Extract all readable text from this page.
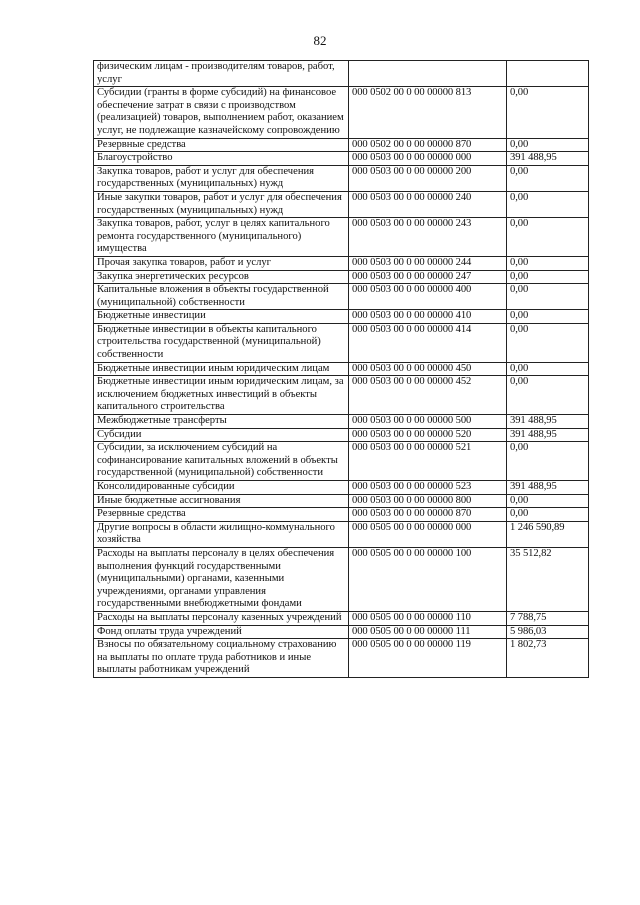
82
физическим лицам - производителям товаров, работ, услуг		
Субсидии (гранты в форме субсидий) на финансовое обеспечение затрат в связи с производством (реализацией) товаров, выполнением работ, оказанием услуг, не подлежащие казначейскому сопровождению	000 0502 00 0 00 00000 813	0,00
Резервные средства	000 0502 00 0 00 00000 870	0,00
Благоустройство	000 0503 00 0 00 00000 000	391 488,95
Закупка товаров, работ и услуг для обеспечения государственных (муниципальных) нужд	000 0503 00 0 00 00000 200	0,00
Иные закупки товаров, работ и услуг для обеспечения государственных (муниципальных) нужд	000 0503 00 0 00 00000 240	0,00
Закупка товаров, работ, услуг в целях капитального ремонта государственного (муниципального) имущества	000 0503 00 0 00 00000 243	0,00
Прочая закупка товаров, работ и услуг	000 0503 00 0 00 00000 244	0,00
Закупка энергетических ресурсов	000 0503 00 0 00 00000 247	0,00
Капитальные вложения в объекты государственной (муниципальной) собственности	000 0503 00 0 00 00000 400	0,00
Бюджетные инвестиции	000 0503 00 0 00 00000 410	0,00
Бюджетные инвестиции в объекты капитального строительства государственной (муниципальной) собственности	000 0503 00 0 00 00000 414	0,00
Бюджетные инвестиции иным юридическим лицам	000 0503 00 0 00 00000 450	0,00
Бюджетные инвестиции иным юридическим лицам, за исключением бюджетных инвестиций в объекты капитального строительства	000 0503 00 0 00 00000 452	0,00
Межбюджетные трансферты	000 0503 00 0 00 00000 500	391 488,95
Субсидии	000 0503 00 0 00 00000 520	391 488,95
Субсидии, за исключением субсидий на софинансирование капитальных вложений в объекты государственной (муниципальной) собственности	000 0503 00 0 00 00000 521	0,00
Консолидированные субсидии	000 0503 00 0 00 00000 523	391 488,95
Иные бюджетные ассигнования	000 0503 00 0 00 00000 800	0,00
Резервные средства	000 0503 00 0 00 00000 870	0,00
Другие вопросы в области жилищно-коммунального хозяйства	000 0505 00 0 00 00000 000	1 246 590,89
Расходы на выплаты персоналу в целях обеспечения выполнения функций государственными (муниципальными) органами, казенными учреждениями, органами управления государственными внебюджетными фондами	000 0505 00 0 00 00000 100	35 512,82
Расходы на выплаты персоналу казенных учреждений	000 0505 00 0 00 00000 110	7 788,75
Фонд оплаты труда учреждений	000 0505 00 0 00 00000 111	5 986,03
Взносы по обязательному социальному страхованию на выплаты по оплате труда работников и иные выплаты работникам учреждений	000 0505 00 0 00 00000 119	1 802,73
